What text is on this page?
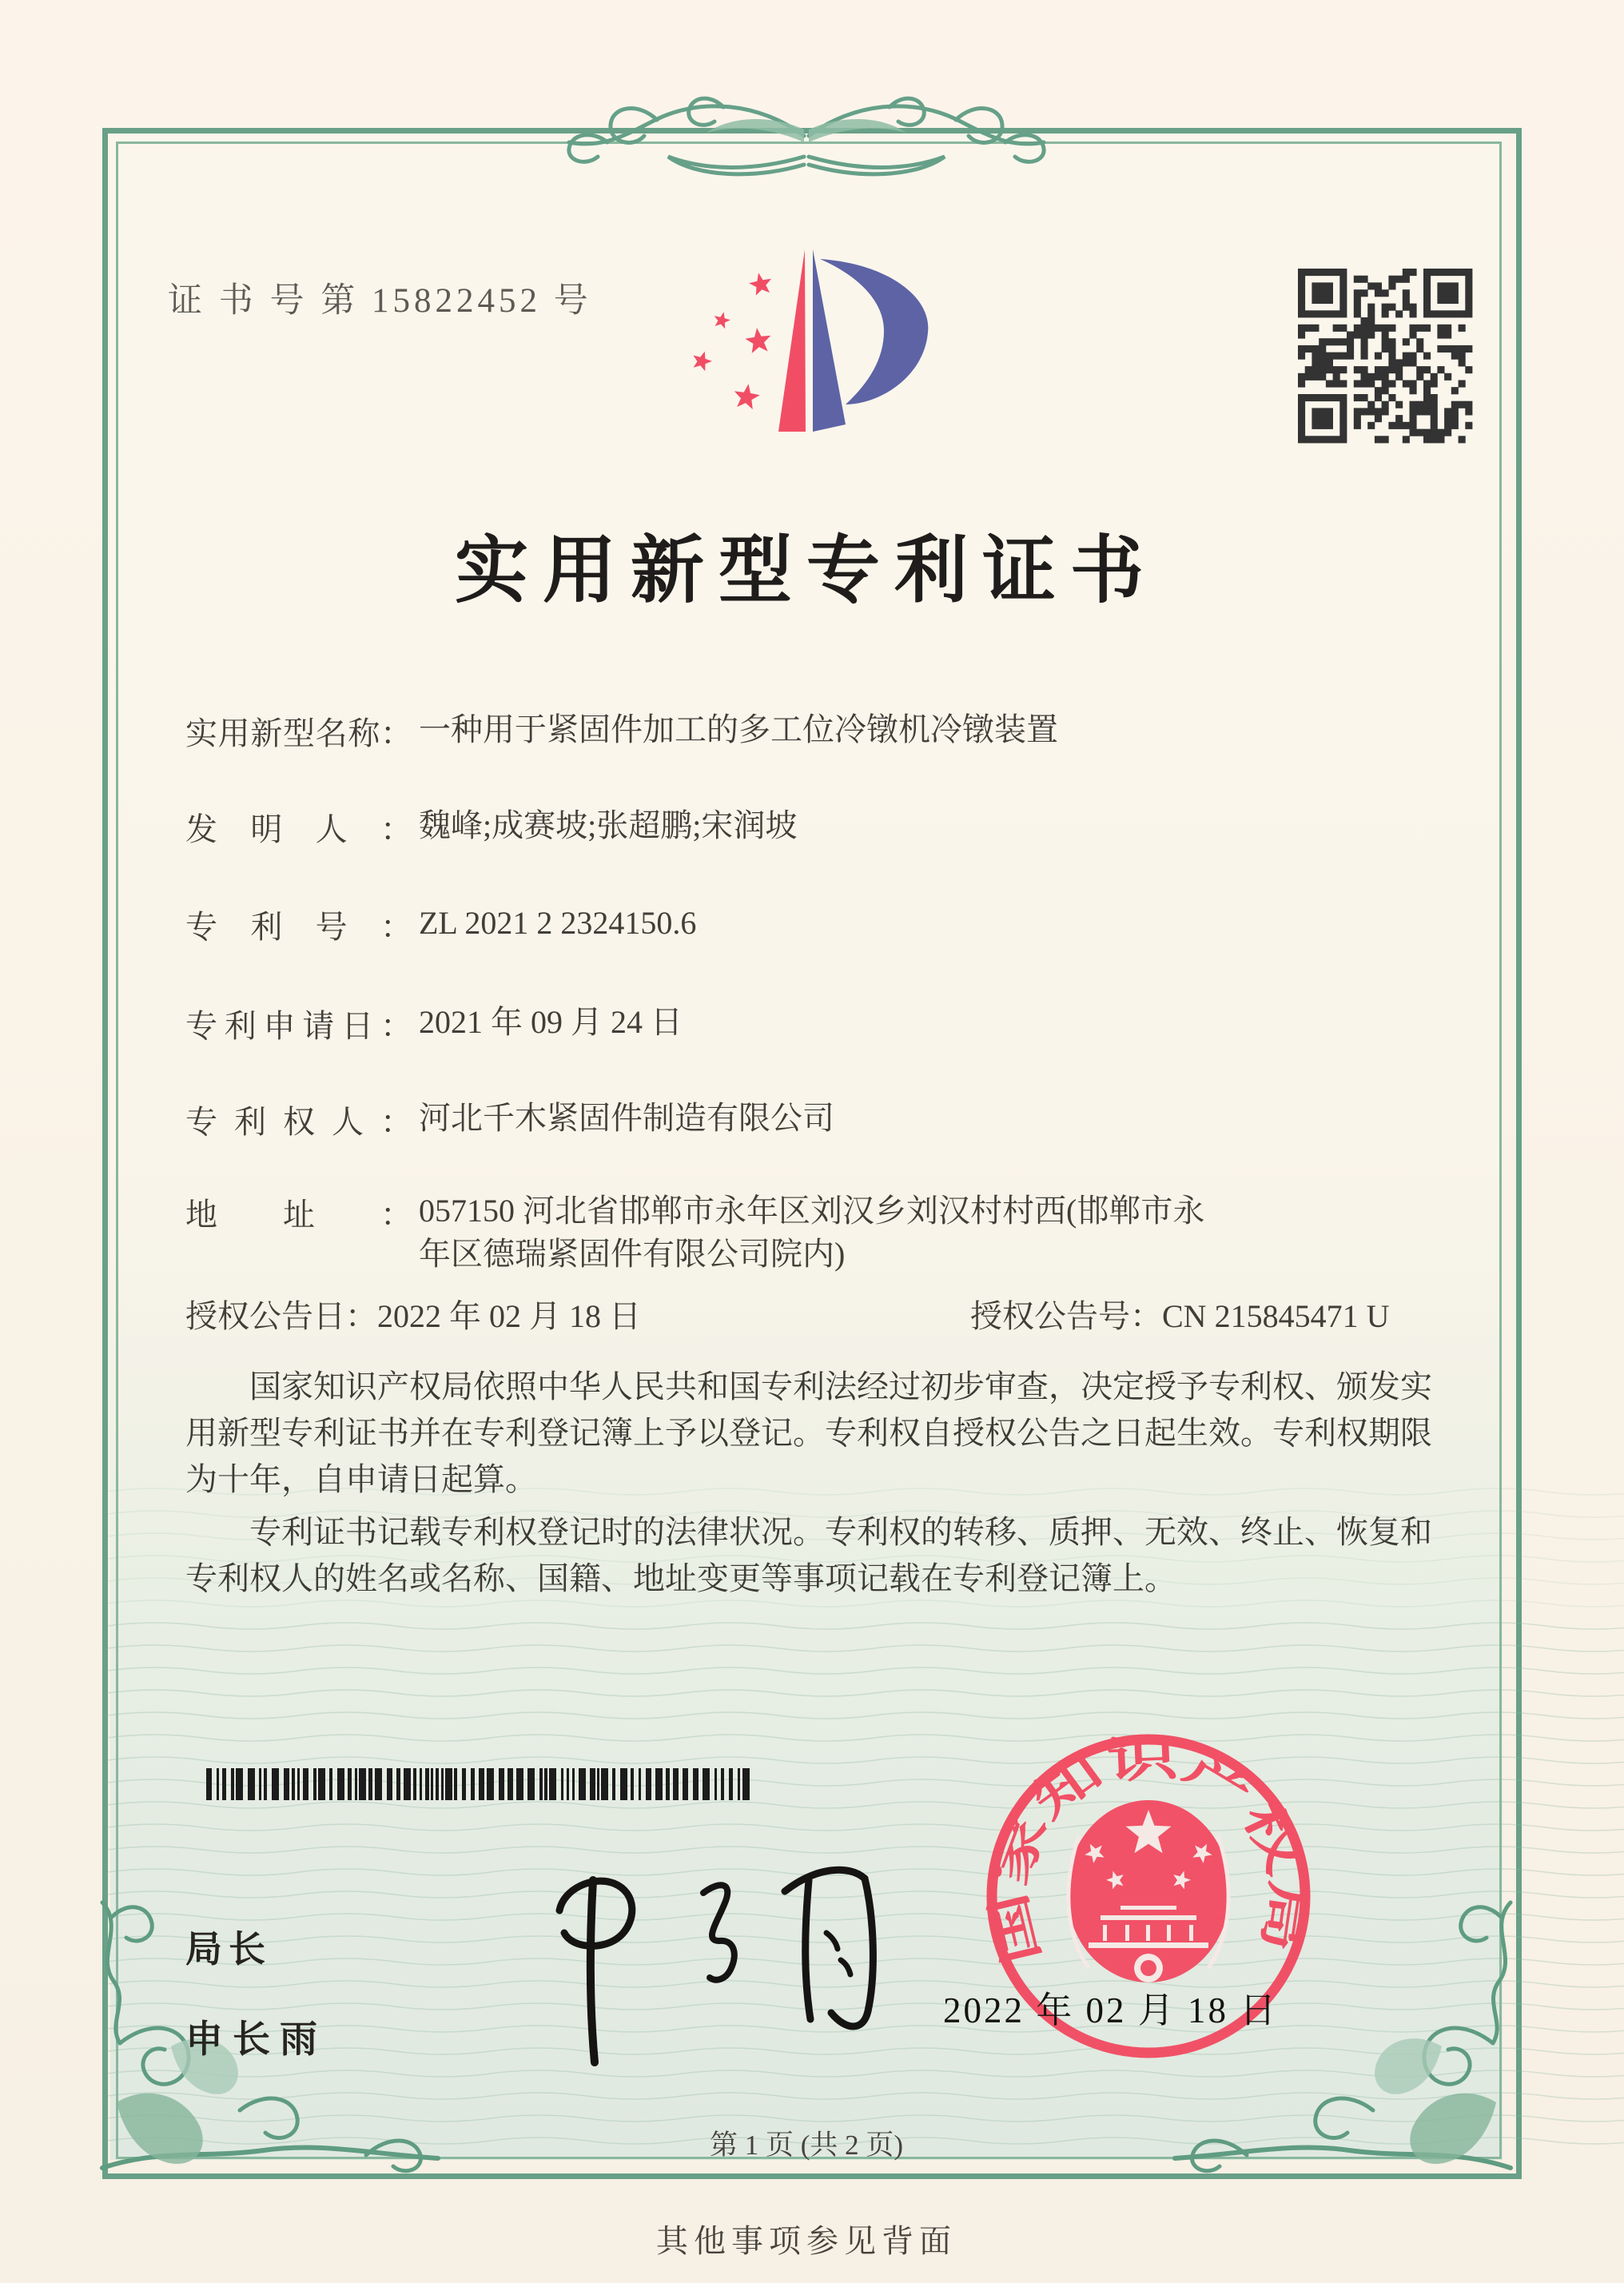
国家知识产权局
证 书 号 第 15822452 号
实用新型专利证书
实用新型名称： 一种用于紧固件加工的多工位冷镦机冷镦装置
发明人： 魏峰;成赛坡;张超鹏;宋润坡
专利号： ZL 2021 2 2324150.6
专利申请日： 2021 年 09 月 24 日
专利权人： 河北千木紧固件制造有限公司
地址： 057150 河北省邯郸市永年区刘汉乡刘汉村村西(邯郸市永年区德瑞紧固件有限公司院内)
授权公告日：2022 年 02 月 18 日	授权公告号：CN 215845471 U

国家知识产权局依照中华人民共和国专利法经过初步审查，决定授予专利权、颁发实用新型专利证书并在专利登记簿上予以登记。专利权自授权公告之日起生效。专利权期限为十年，自申请日起算。

专利证书记载专利权登记时的法律状况。专利权的转移、质押、无效、终止、恢复和专利权人的姓名或名称、国籍、地址变更等事项记载在专利登记簿上。

局长
申长雨
2022 年 02 月 18 日
第 1 页 (共 2 页)
其他事项参见背面
